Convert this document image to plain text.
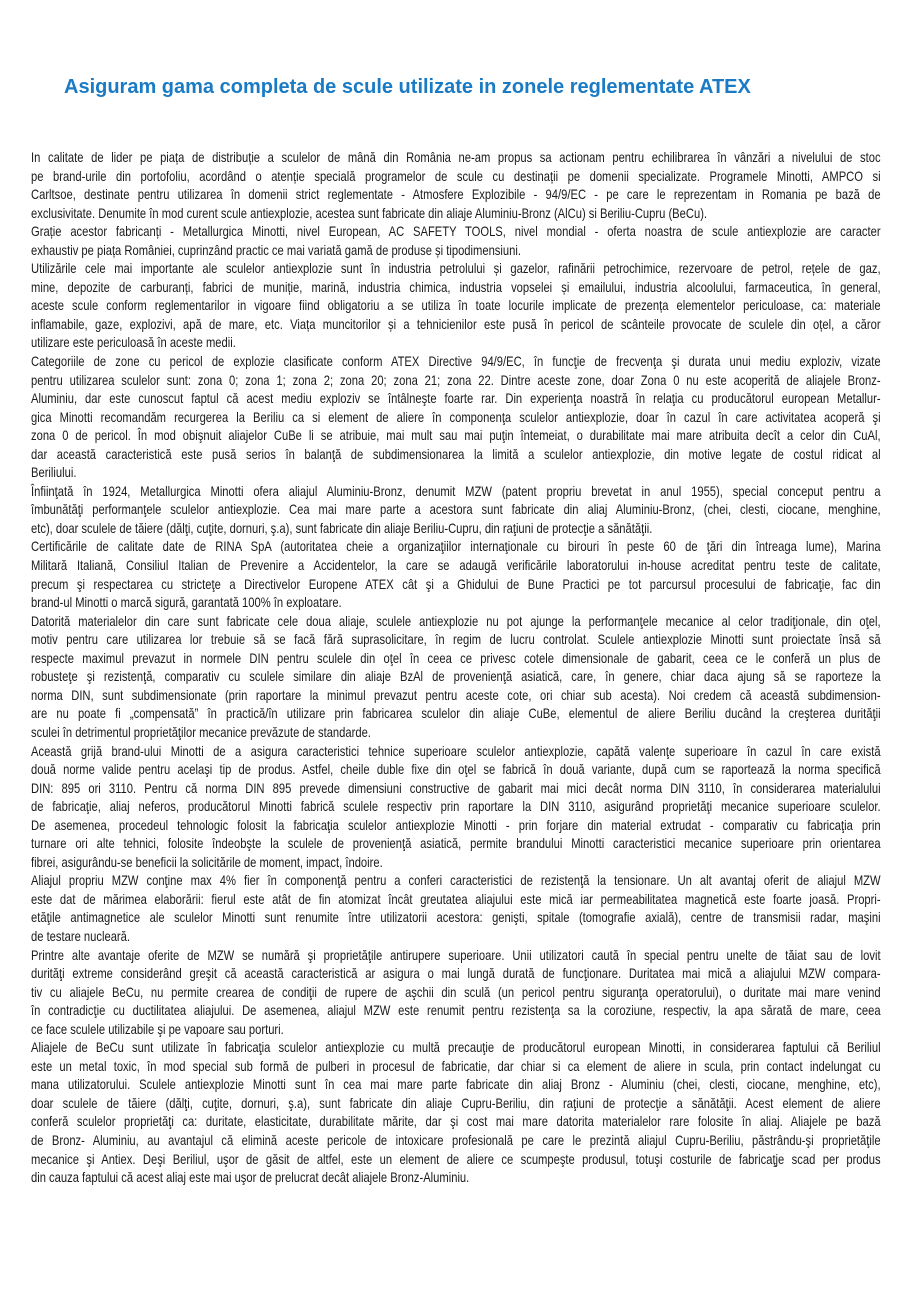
Asiguram gama completa de scule utilizate in zonele reglementate ATEX
In calitate de lider pe piața de distribuție a sculelor de mână din România ne-am propus sa actionam pentru echilibrarea în vânzări a nivelului de stoc
pe brand-urile din portofoliu, acordând o atenție specială programelor de scule cu destinații pe domenii specializate. Programele Minotti, AMPCO si
Carltsoe, destinate pentru utilizarea în domenii strict reglementate - Atmosfere Explozibile - 94/9/EC - pe care le reprezentam in Romania pe bază de
exclusivitate. Denumite în mod curent scule antiexplozie, acestea sunt fabricate din aliaje Aluminiu-Bronz (AlCu) si Beriliu-Cupru (BeCu).
Grație acestor fabricanți - Metallurgica Minotti, nivel European, AC SAFETY TOOLS, nivel mondial - oferta noastra de scule antiexplozie are caracter
exhaustiv pe piața României, cuprinzând practic ce mai variată gamă de produse și tipodimensiuni.
Utilizările cele mai importante ale sculelor antiexplozie sunt în industria petrolului și gazelor, rafinării petrochimice, rezervoare de petrol, rețele de gaz,
mine, depozite de carburanți, fabrici de muniție, marină, industria chimica, industria vopselei și emailului, industria alcoolului, farmaceutica, în general,
aceste scule conform reglementarilor in vigoare fiind obligatoriu a se utiliza în toate locurile implicate de prezența elementelor periculoase, ca: materiale
inflamabile, gaze, explozivi, apă de mare, etc. Viața muncitorilor și a tehnicienilor este pusă în pericol de scânteile provocate de sculele din oțel, a căror
utilizare este periculoasă în aceste medii.
Categoriile de zone cu pericol de explozie clasificate conform ATEX Directive 94/9/EC, în funcţie de frecvenţa şi durata unui mediu exploziv, vizate
pentru utilizarea sculelor sunt: zona 0; zona 1; zona 2; zona 20; zona 21; zona 22. Dintre aceste zone, doar Zona 0 nu este acoperită de aliajele Bronz-
Aluminiu, dar este cunoscut faptul că acest mediu exploziv se întâlneşte foarte rar. Din experienţa noastră în relaţia cu producătorul european Metallur-
gica Minotti recomandăm recurgerea la Beriliu ca si element de aliere în componenţa sculelor antiexplozie, doar în cazul în care activitatea acoperă şi
zona 0 de pericol. În mod obişnuit aliajelor CuBe li se atribuie, mai mult sau mai puţin întemeiat, o durabilitate mai mare atribuita decît a celor din CuAl,
dar această caracteristică este pusă serios în balanţă de subdimensionarea la limită a sculelor antiexplozie, din motive legate de costul ridicat al
Beriliului.
Înfiinţată în 1924, Metallurgica Minotti ofera aliajul Aluminiu-Bronz, denumit MZW (patent propriu brevetat in anul 1955), special conceput pentru a
îmbunătăţi performanţele sculelor antiexplozie. Cea mai mare parte a acestora sunt fabricate din aliaj Aluminiu-Bronz, (chei, clesti, ciocane, menghine,
etc), doar sculele de tăiere (dălţi, cuţite, dornuri, ş.a), sunt fabricate din aliaje Beriliu-Cupru, din raţiuni de protecţie a sănătăţii.
Certificările de calitate date de RINA SpA (autoritatea cheie a organizaţiilor internaţionale cu birouri în peste 60 de ţări din întreaga lume), Marina
Militară Italiană, Consiliul Italian de Prevenire a Accidentelor, la care se adaugă verificările laboratorului in-house acreditat pentru teste de calitate,
precum şi respectarea cu stricteţe a Directivelor Europene ATEX cât şi a Ghidului de Bune Practici pe tot parcursul procesului de fabricaţie, fac din
brand-ul Minotti o marcă sigură, garantată 100% în exploatare.
Datorită materialelor din care sunt fabricate cele doua aliaje, sculele antiexplozie nu pot ajunge la performanţele mecanice al celor tradiţionale, din oţel,
motiv pentru care utilizarea lor trebuie să se facă fără suprasolicitare, în regim de lucru controlat. Sculele antiexplozie Minotti sunt proiectate însă să
respecte maximul prevazut in normele DIN pentru sculele din oţel în ceea ce privesc cotele dimensionale de gabarit, ceea ce le conferă un plus de
robusteţe şi rezistenţă, comparativ cu sculele similare din aliaje BzAl de provenienţă asiatică, care, în genere, chiar daca ajung să se raporteze la
norma DIN, sunt subdimensionate (prin raportare la minimul prevazut pentru aceste cote, ori chiar sub acesta). Noi credem că această subdimension-
are nu poate fi „compensată” în practică/în utilizare prin fabricarea sculelor din aliaje CuBe, elementul de aliere Beriliu ducând la creşterea durităţii
sculei în detrimentul proprietăţilor mecanice prevăzute de standarde.
Această grijă brand-ului Minotti de a asigura caracteristici tehnice superioare sculelor antiexplozie, capătă valenţe superioare în cazul în care există
două norme valide pentru acelaşi tip de produs. Astfel, cheile duble fixe din oţel se fabrică în două variante, după cum se raportează la norma specifică
DIN: 895 ori 3110. Pentru că norma DIN 895 prevede dimensiuni constructive de gabarit mai mici decât norma DIN 3110, în considerarea materialului
de fabricaţie, aliaj neferos, producătorul Minotti fabrică sculele respectiv prin raportare la DIN 3110, asigurând proprietăţi mecanice superioare sculelor.
De asemenea, procedeul tehnologic folosit la fabricaţia sculelor antiexplozie Minotti - prin forjare din material extrudat - comparativ cu fabricaţia prin
turnare ori alte tehnici, folosite îndeobşte la sculele de provenienţă asiatică, permite brandului Minotti caracteristici mecanice superioare prin orientarea
fibrei, asigurându-se beneficii la solicitările de moment, impact, îndoire.
Aliajul propriu MZW conţine max 4% fier în componenţă pentru a conferi caracteristici de rezistenţă la tensionare. Un alt avantaj oferit de aliajul MZW
este dat de mărimea elaborării: fierul este atât de fin atomizat încât greutatea aliajului este mică iar permeabilitatea magnetică este foarte joasă. Propri-
etăţile antimagnetice ale sculelor Minotti sunt renumite între utilizatorii acestora: genişti, spitale (tomografie axială), centre de transmisii radar, maşini
de testare nucleară.
Printre alte avantaje oferite de MZW se numără şi proprietăţile antirupere superioare. Unii utilizatori caută în special pentru unelte de tăiat sau de lovit
durităţi extreme considerând greşit că această caracteristică ar asigura o mai lungă durată de funcţionare. Duritatea mai mică a aliajului MZW compara-
tiv cu aliajele BeCu, nu permite crearea de condiţii de rupere de aşchii din sculă (un pericol pentru siguranţa operatorului), o duritate mai mare venind
în contradicţie cu ductilitatea aliajului. De asemenea, aliajul MZW este renumit pentru rezistenţa sa la coroziune, respectiv, la apa sărată de mare, ceea
ce face sculele utilizabile şi pe vapoare sau porturi.
Aliajele de BeCu sunt utilizate în fabricaţia sculelor antiexplozie cu multă precauţie de producătorul european Minotti, in considerarea faptului că Beriliul
este un metal toxic, în mod special sub formă de pulberi in procesul de fabricatie, dar chiar si ca element de aliere in scula, prin contact indelungat cu
mana utilizatorului. Sculele antiexplozie Minotti sunt în cea mai mare parte fabricate din aliaj Bronz - Aluminiu (chei, clesti, ciocane, menghine, etc),
doar sculele de tăiere (dălţi, cuţite, dornuri, ş.a), sunt fabricate din aliaje Cupru-Beriliu, din raţiuni de protecţie a sănătăţii. Acest element de aliere
conferă sculelor proprietăţi ca: duritate, elasticitate, durabilitate mărite, dar şi cost mai mare datorita materialelor rare folosite în aliaj. Aliajele pe bază
de Bronz- Aluminiu, au avantajul că elimină aceste pericole de intoxicare profesională pe care le prezintă aliajul Cupru-Beriliu, păstrându-şi proprietăţile
mecanice şi Antiex. Deşi Beriliul, uşor de găsit de altfel, este un element de aliere ce scumpeşte produsul, totuşi costurile de fabricaţje scad per produs
din cauza faptului că acest aliaj este mai uşor de prelucrat decât aliajele Bronz-Aluminiu.
